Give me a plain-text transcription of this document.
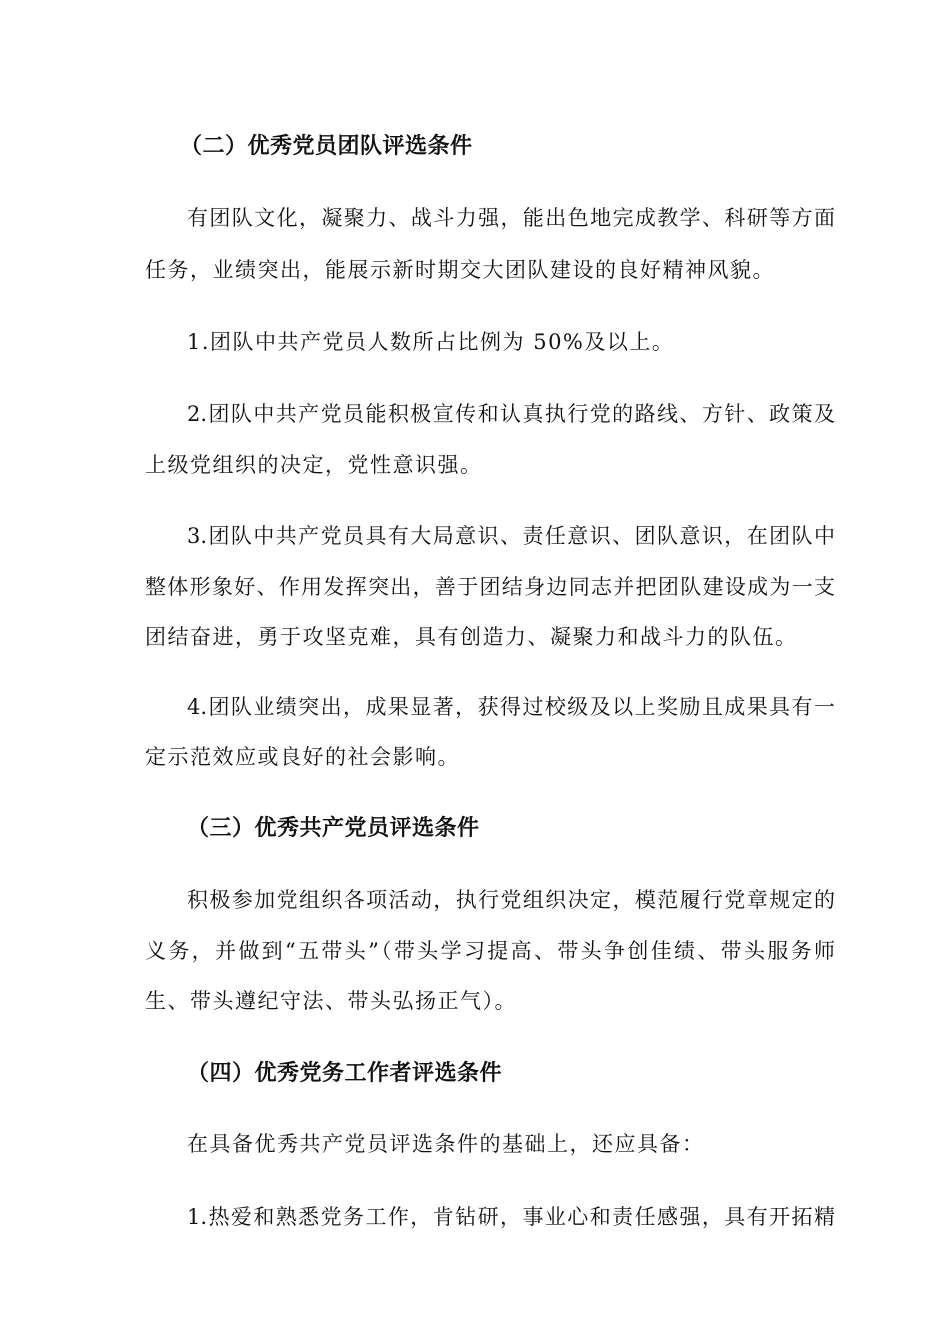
（二）优秀党员团队评选条件
有团队文化，凝聚力、战斗力强，能出色地完成教学、科研等方面
任务，业绩突出，能展示新时期交大团队建设的良好精神风貌。
1.团队中共产党员人数所占比例为 50%及以上。
2.团队中共产党员能积极宣传和认真执行党的路线、方针、政策及
上级党组织的决定，党性意识强。
3.团队中共产党员具有大局意识、责任意识、团队意识，在团队中
整体形象好、作用发挥突出，善于团结身边同志并把团队建设成为一支
团结奋进，勇于攻坚克难，具有创造力、凝聚力和战斗力的队伍。
4.团队业绩突出，成果显著，获得过校级及以上奖励且成果具有一
定示范效应或良好的社会影响。
（三）优秀共产党员评选条件
积极参加党组织各项活动，执行党组织决定，模范履行党章规定的
义务，并做到“五带头”（带头学习提高、带头争创佳绩、带头服务师
生、带头遵纪守法、带头弘扬正气）。
（四）优秀党务工作者评选条件
在具备优秀共产党员评选条件的基础上，还应具备：
1.热爱和熟悉党务工作，肯钻研，事业心和责任感强，具有开拓精
